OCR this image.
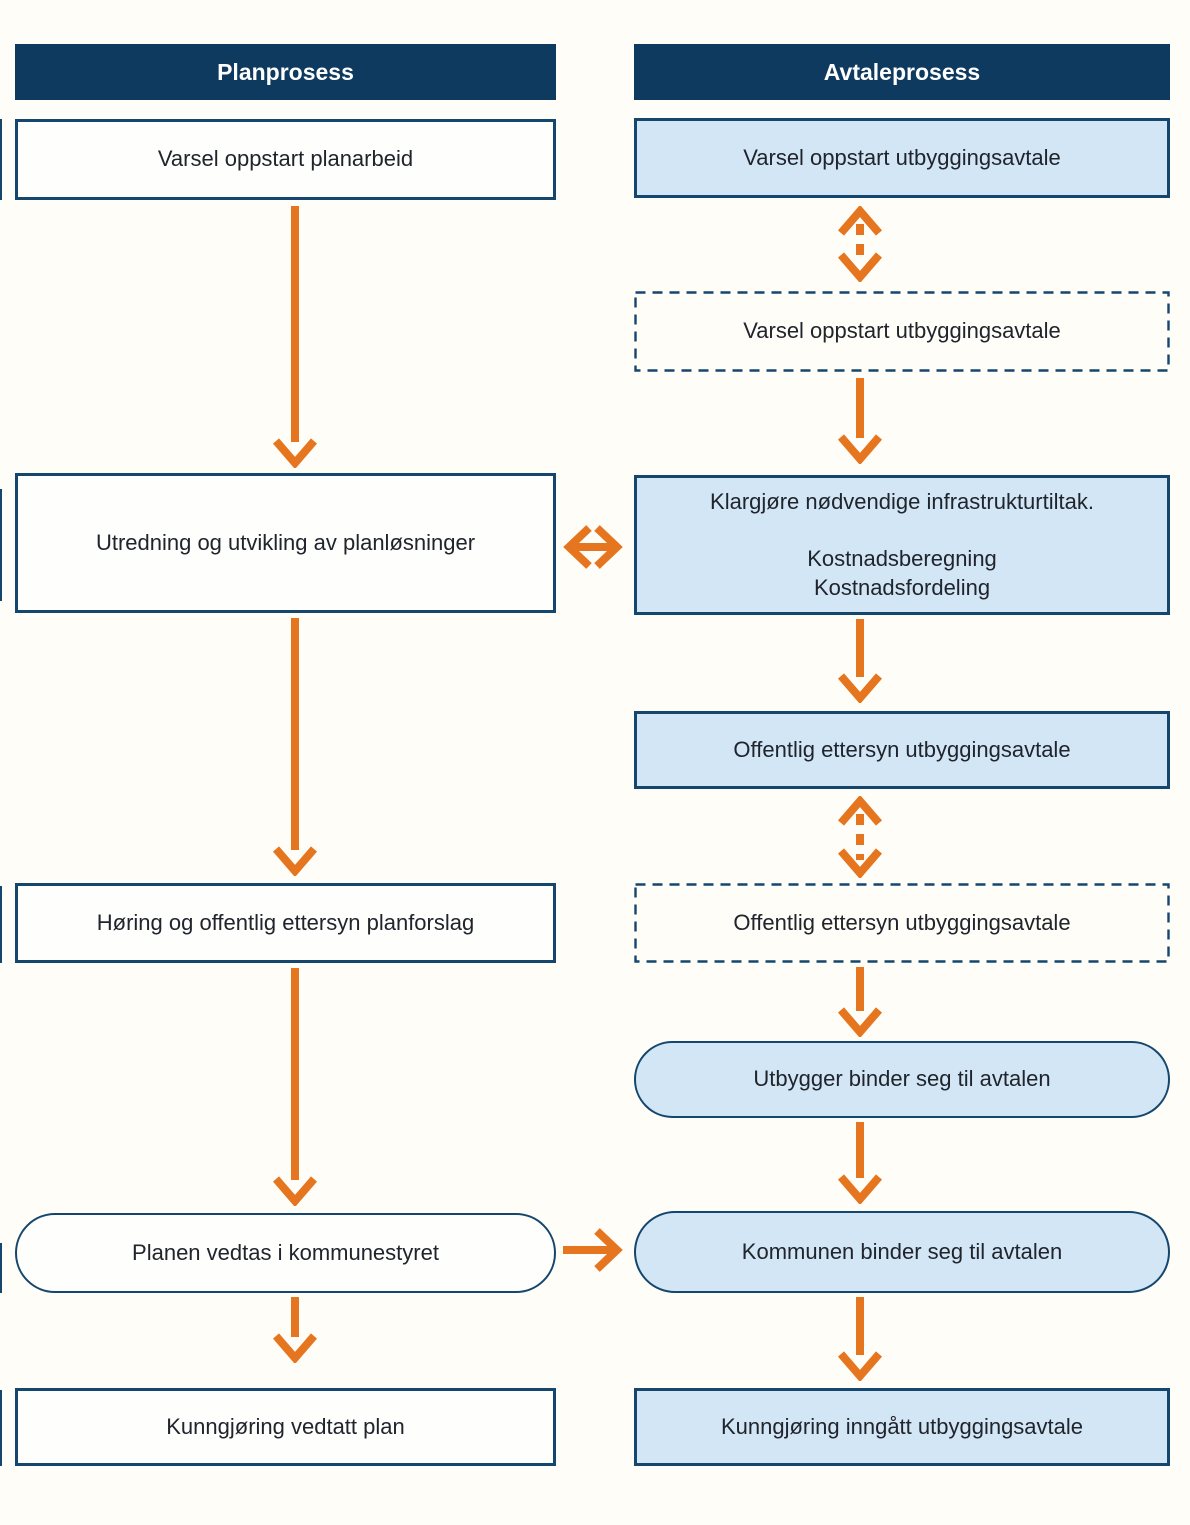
Planprosess	Avtaleprosess
Varsel oppstart planarbeid
Utredning og utvikling av planløsninger
Høring og offentlig ettersyn planforslag
Planen vedtas i kommunestyret
Kunngjøring vedtatt plan
Varsel oppstart utbyggingsavtale
Varsel oppstart utbyggingsavtale
Klargjøre nødvendige infrastrukturtiltak.
Kostnadsberegning
Kostnadsfordeling
Offentlig ettersyn utbyggingsavtale
Offentlig ettersyn utbyggingsavtale
Utbygger binder seg til avtalen
Kommunen binder seg til avtalen
Kunngjøring inngått utbyggingsavtale
